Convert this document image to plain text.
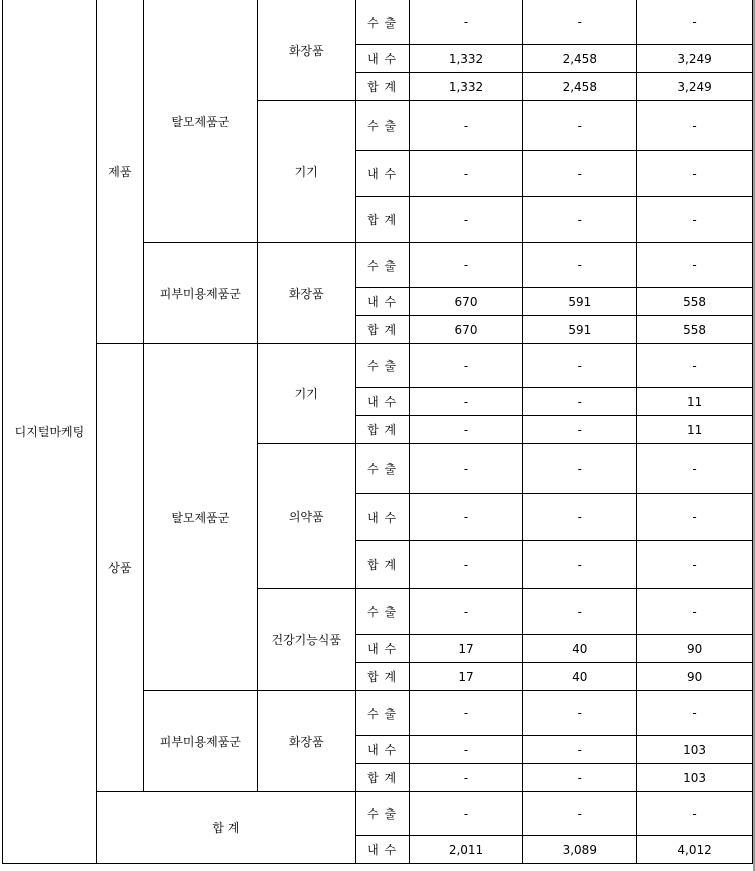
디지털마케팅	제품	탈모제품군	화장품	수 출	-	-	-
				내 수	1,332	2,458	3,249
				합 계	1,332	2,458	3,249
			기기	수 출	-	-	-
				내 수	-	-	-
				합 계	-	-	-
		피부미용제품군	화장품	수 출	-	-	-
				내 수	670	591	558
				합 계	670	591	558
	상품	탈모제품군	기기	수 출	-	-	-
				내 수	-	-	11
				합 계	-	-	11
			의약품	수 출	-	-	-
				내 수	-	-	-
				합 계	-	-	-
			건강기능식품	수 출	-	-	-
				내 수	17	40	90
				합 계	17	40	90
		피부미용제품군	화장품	수 출	-	-	-
				내 수	-	-	103
				합 계	-	-	103
	합 계			수 출	-	-	-
				내 수	2,011	3,089	4,012
